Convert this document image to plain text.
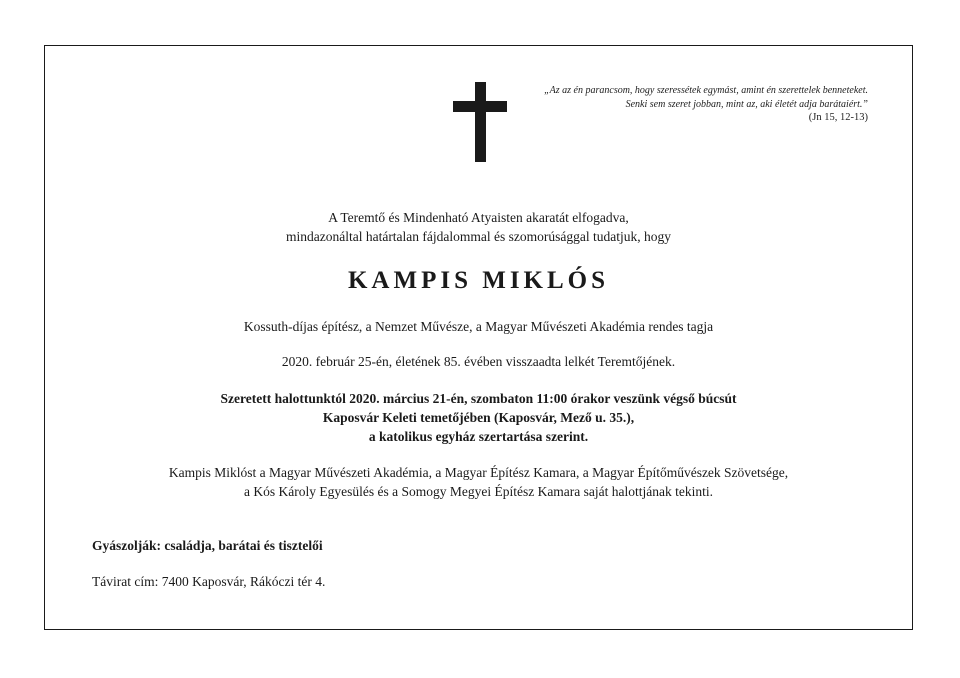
„Az az én parancsom, hogy szeressétek egymást, amint én szerettelek benneteket.
Senki sem szeret jobban, mint az, aki életét adja barátaiért.”
(Jn 15, 12-13)
A Teremtő és Mindenható Atyaisten akaratát elfogadva,
mindazonáltal határtalan fájdalommal és szomorúsággal tudatjuk, hogy
KAMPIS MIKLÓS
Kossuth-díjas építész, a Nemzet Művésze, a Magyar Művészeti Akadémia rendes tagja
2020. február 25-én, életének 85. évében visszaadta lelkét Teremtőjének.
Szeretett halottunktól 2020. március 21-én, szombaton 11:00 órakor veszünk végső búcsút
Kaposvár Keleti temetőjében (Kaposvár, Mező u. 35.),
a katolikus egyház szertartása szerint.
Kampis Miklóst a Magyar Művészeti Akadémia, a Magyar Építész Kamara, a Magyar Építőművészek Szövetsége,
a Kós Károly Egyesülés és a Somogy Megyei Építész Kamara saját halottjának tekinti.
Gyászolják: családja, barátai és tisztelői
Távirat cím: 7400 Kaposvár, Rákóczi tér 4.
